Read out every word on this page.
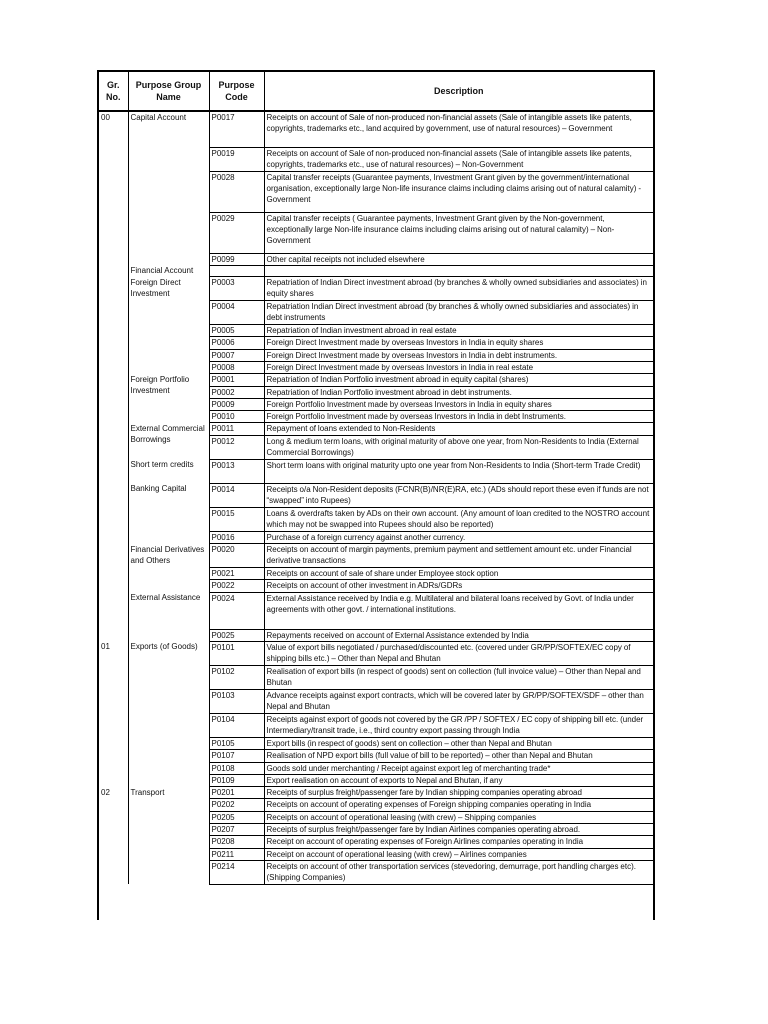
Gr. No.	Purpose Group Name	Purpose Code	Description
00	Capital Account	P0017	Receipts on account of Sale of non-produced non-financial assets (Sale of intangible assets like patents, copyrights, trademarks etc., land acquired by government, use of natural resources) – Government
		P0019	Receipts on account of Sale of non-produced non-financial assets (Sale of intangible assets like patents, copyrights, trademarks etc., use of natural resources) – Non-Government
		P0028	Capital transfer receipts (Guarantee payments, Investment Grant given by the government/international organisation, exceptionally large Non-life insurance claims including claims arising out of natural calamity) - Government
		P0029	Capital transfer receipts ( Guarantee payments, Investment Grant given by the Non-government, exceptionally large Non-life insurance claims including claims arising out of natural calamity) – Non-Government
		P0099	Other capital receipts not included elsewhere
	Financial Account		
	Foreign Direct Investment	P0003	Repatriation of Indian Direct investment abroad (by branches & wholly owned subsidiaries and associates) in equity shares
		P0004	Repatriation Indian Direct investment abroad (by branches & wholly owned subsidiaries and associates) in debt instruments
		P0005	Repatriation of Indian investment abroad in real estate
		P0006	Foreign Direct Investment made by overseas Investors in India in equity shares
		P0007	Foreign Direct Investment made by overseas Investors in India in debt instruments.
		P0008	Foreign Direct Investment made by overseas Investors in India in real estate
	Foreign Portfolio Investment	P0001	Repatriation of Indian Portfolio investment abroad in equity capital (shares)
		P0002	Repatriation of Indian Portfolio investment abroad in debt instruments.
		P0009	Foreign Portfolio Investment made by overseas Investors in India in equity shares
		P0010	Foreign Portfolio Investment made by overseas Investors in India in debt Instruments.
	External Commercial Borrowings	P0011	Repayment of loans extended to Non-Residents
		P0012	Long & medium term loans, with original maturity of above one year, from Non-Residents to India (External Commercial Borrowings)
	Short term credits	P0013	Short term loans with original maturity upto one year from Non-Residents to India (Short-term Trade Credit)
	Banking Capital	P0014	Receipts o/a Non-Resident deposits (FCNR(B)/NR(E)RA, etc.) (ADs should report these even if funds are not “swapped” into Rupees)
		P0015	Loans & overdrafts taken by ADs on their own account. (Any amount of loan credited to the NOSTRO account which may not be swapped into Rupees should also be reported)
		P0016	Purchase of a foreign currency against another currency.
	Financial Derivatives and Others	P0020	Receipts on account of margin payments, premium payment and settlement amount etc. under Financial derivative transactions
		P0021	Receipts on account of sale of share under Employee stock option
		P0022	Receipts on account of other investment in ADRs/GDRs
	External Assistance	P0024	External Assistance received by India e.g. Multilateral and bilateral loans received by Govt. of India under agreements with other govt. / international institutions.
		P0025	Repayments received on account of External Assistance extended by India
01	Exports (of Goods)	P0101	Value of export bills negotiated / purchased/discounted etc. (covered under GR/PP/SOFTEX/EC copy of shipping bills etc.) – Other than Nepal and Bhutan
		P0102	Realisation of export bills (in respect of goods) sent on collection (full invoice value) – Other than Nepal and Bhutan
		P0103	Advance receipts against export contracts, which will be covered later by GR/PP/SOFTEX/SDF – other than Nepal and Bhutan
		P0104	Receipts against export of goods not covered by the GR /PP / SOFTEX / EC copy of shipping bill etc. (under Intermediary/transit trade, i.e., third country export passing through India
		P0105	Export bills (in respect of goods) sent on collection – other than Nepal and Bhutan
		P0107	Realisation of NPD export bills (full value of bill to be reported) – other than Nepal and Bhutan
		P0108	Goods sold under merchanting / Receipt against export leg of merchanting trade*
		P0109	Export realisation on account of exports to Nepal and Bhutan, if any
02	Transport	P0201	Receipts of surplus freight/passenger fare by Indian shipping companies operating abroad
		P0202	Receipts on account of operating expenses of Foreign shipping companies operating in India
		P0205	Receipts on account of operational leasing (with crew) – Shipping companies
		P0207	Receipts of surplus freight/passenger fare by Indian Airlines companies operating abroad.
		P0208	Receipt on account of operating expenses of Foreign Airlines companies operating in India
		P0211	Receipt on account of operational leasing (with crew) – Airlines companies
		P0214	Receipts on account of other transportation services (stevedoring, demurrage, port handling charges etc).(Shipping Companies)
